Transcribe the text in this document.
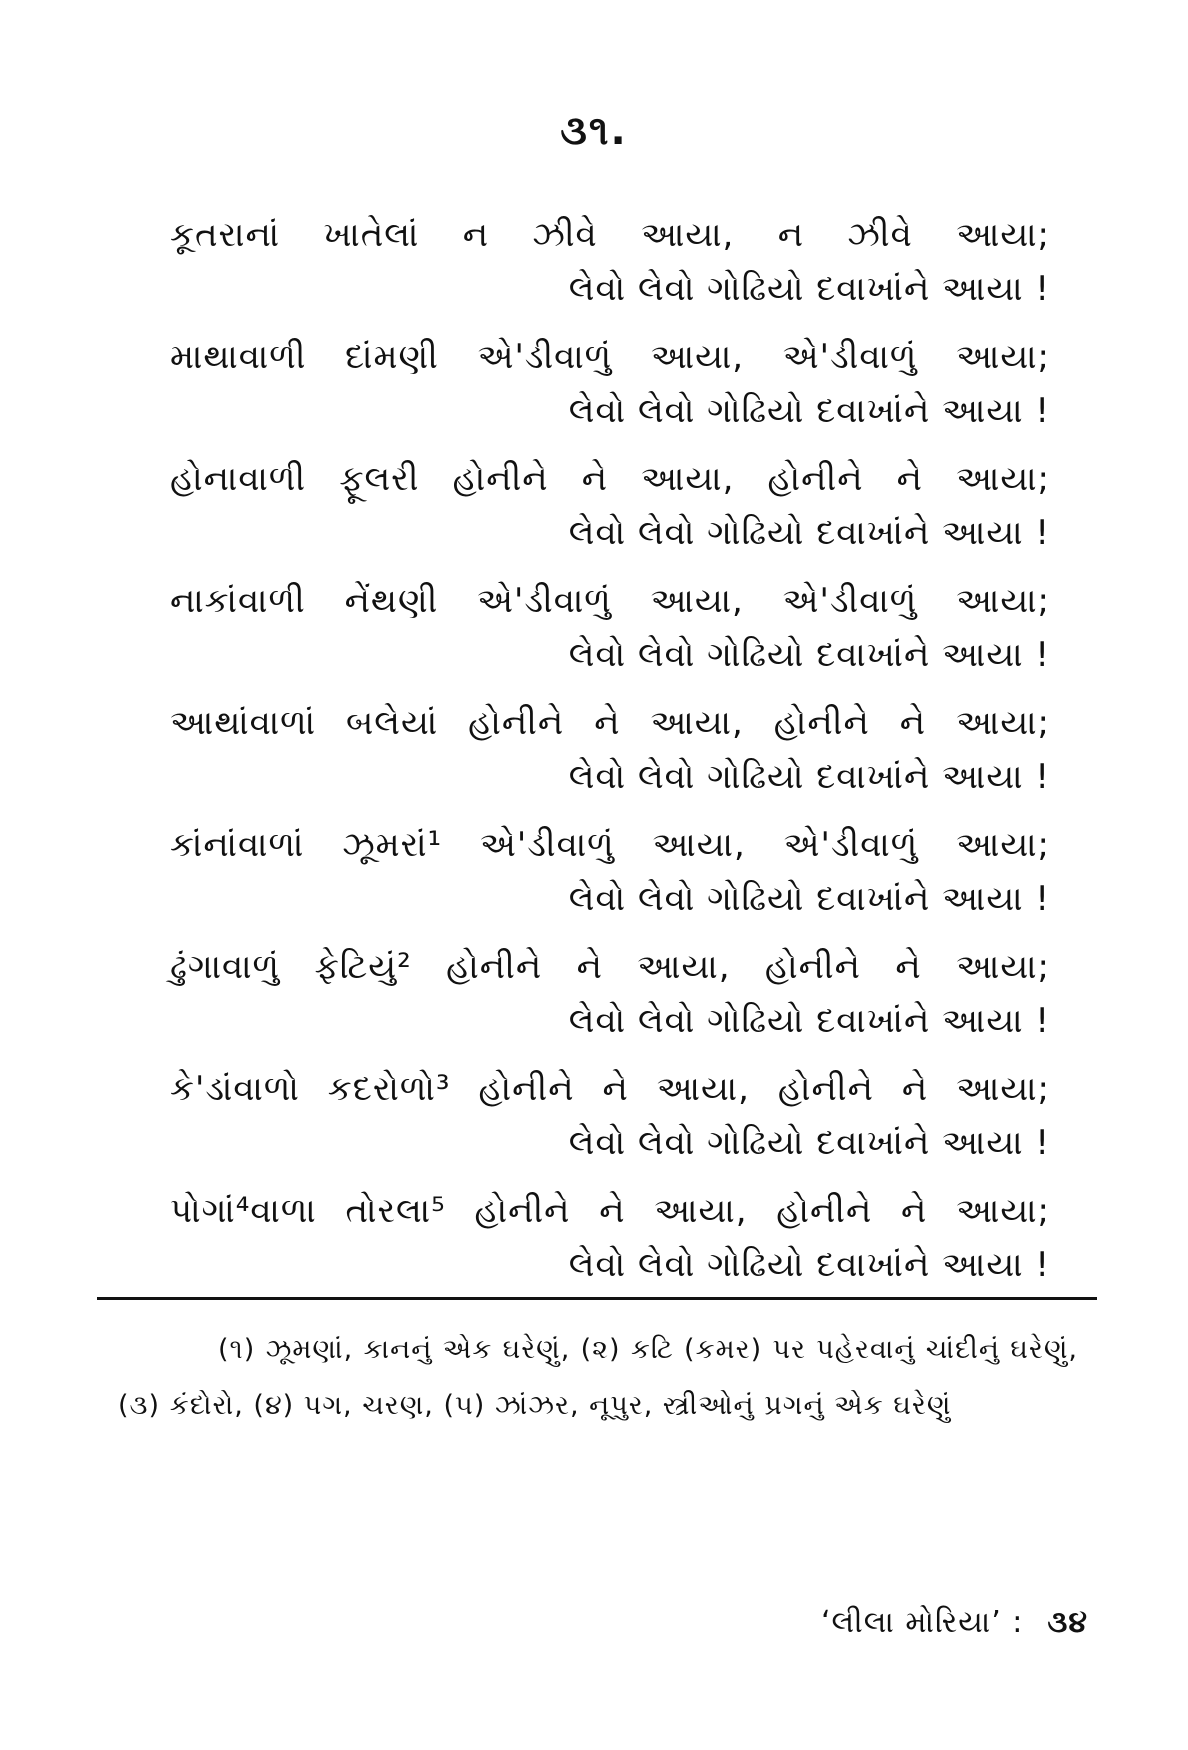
૩૧.
કૂતરાનાં ખાતેલાં ન ઝીવે આયા, ન ઝીવે આયા;
લેવો લેવો ગોઢિયો દવાખાંને આયા !
માથાવાળી દાંમણી એ'ડીવાળું આયા, એ'ડીવાળું આયા;
લેવો લેવો ગોઢિયો દવાખાંને આયા !
હોનાવાળી ફૂલરી હોનીને ને આયા, હોનીને ને આયા;
લેવો લેવો ગોઢિયો દવાખાંને આયા !
નાકાંવાળી નેંથણી એ'ડીવાળું આયા, એ'ડીવાળું આયા;
લેવો લેવો ગોઢિયો દવાખાંને આયા !
આથાંવાળાં બલેયાં હોનીને ને આયા, હોનીને ને આયા;
લેવો લેવો ગોઢિયો દવાખાંને આયા !
કાંનાંવાળાં ઝૂમરાં¹ એ'ડીવાળું આયા, એ'ડીવાળું આયા;
લેવો લેવો ગોઢિયો દવાખાંને આયા !
ઢુંગાવાળું ફેટિયું² હોનીને ને આયા, હોનીને ને આયા;
લેવો લેવો ગોઢિયો દવાખાંને આયા !
કે'ડાંવાળો કદરોળો³ હોનીને ને આયા, હોનીને ને આયા;
લેવો લેવો ગોઢિયો દવાખાંને આયા !
પોગાં⁴વાળા તોરલા⁵ હોનીને ને આયા, હોનીને ને આયા;
લેવો લેવો ગોઢિયો દવાખાંને આયા !
(૧) ઝૂમણાં, કાનનું એક ઘરેણું, (૨) કટિ (કમર) પર પહેરવાનું ચાંદીનું ઘરેણું, (૩) કંદોરો, (૪) પગ, ચરણ, (૫) ઝાંઝર, નૂપુર, સ્ત્રીઓનું પ્રગનું એક ઘરેણું
‘લીલા મોરિયા’ : ૩૪
